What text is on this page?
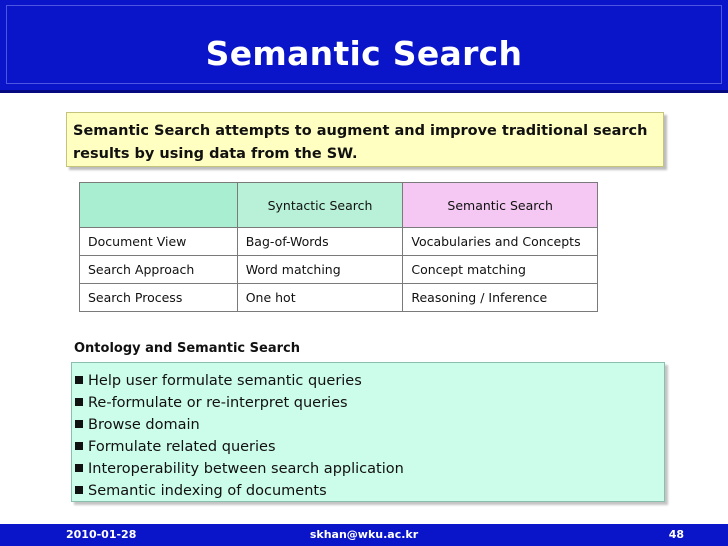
Semantic Search
Semantic Search attempts to augment and improve traditional search results by using data from the SW.
	Syntactic Search	Semantic Search
Document View	Bag-of-Words	Vocabularies and Concepts
Search Approach	Word matching	Concept matching
Search Process	One hot	Reasoning / Inference
Ontology and Semantic Search
Help user formulate semantic queries
Re-formulate or re-interpret queries
Browse domain
Formulate related queries
Interoperability between search application
Semantic indexing of documents
2010-01-28	skhan@wku.ac.kr	48
